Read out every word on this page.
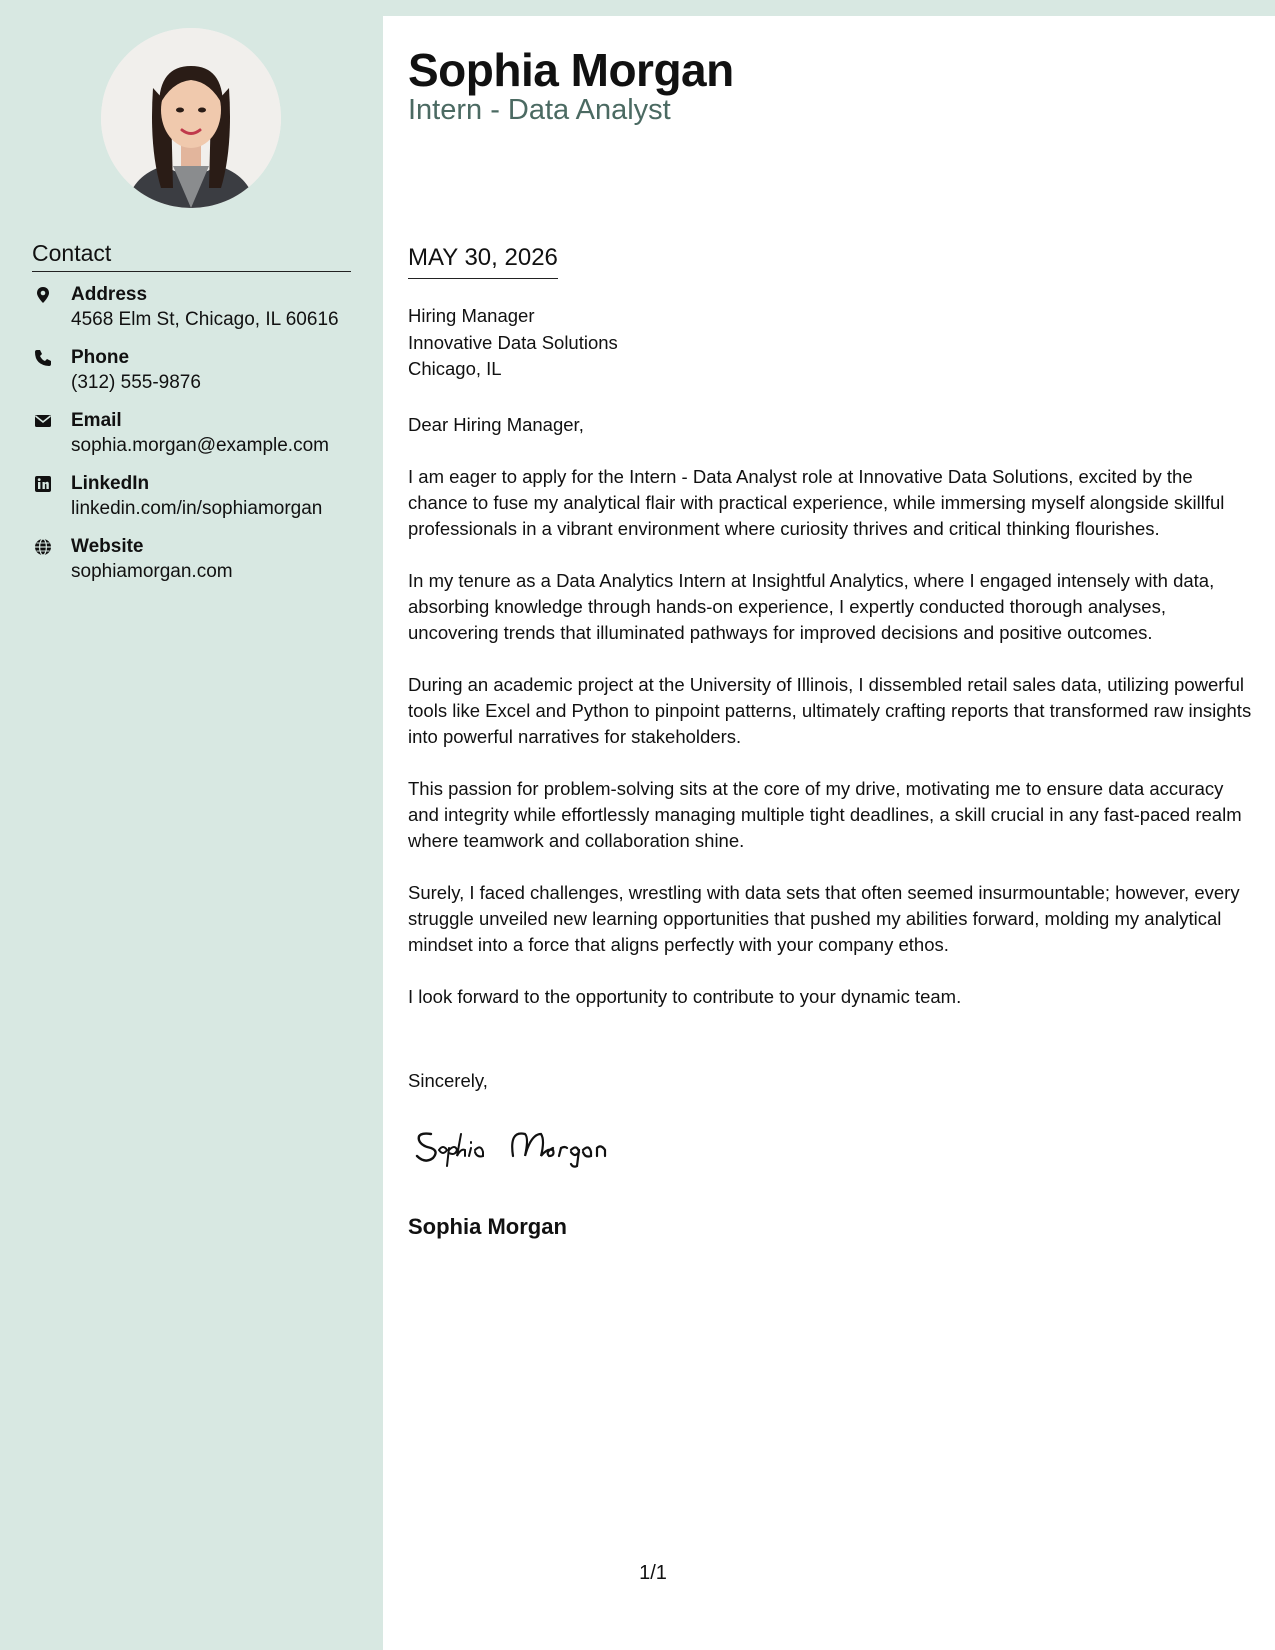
Contact
Address
4568 Elm St, Chicago, IL 60616
Phone
(312) 555-9876
Email
sophia.morgan@example.com
LinkedIn
linkedin.com/in/sophiamorgan
Website
sophiamorgan.com
Sophia Morgan
Intern - Data Analyst
MAY 30, 2026
Hiring Manager
Innovative Data Solutions
Chicago, IL

Dear Hiring Manager,

I am eager to apply for the Intern - Data Analyst role at Innovative Data Solutions, excited by the chance to fuse my analytical flair with practical experience, while immersing myself alongside skillful professionals in a vibrant environment where curiosity thrives and critical thinking flourishes.

In my tenure as a Data Analytics Intern at Insightful Analytics, where I engaged intensely with data, absorbing knowledge through hands-on experience, I expertly conducted thorough analyses, uncovering trends that illuminated pathways for improved decisions and positive outcomes.

During an academic project at the University of Illinois, I dissembled retail sales data, utilizing powerful tools like Excel and Python to pinpoint patterns, ultimately crafting reports that transformed raw insights into powerful narratives for stakeholders.

This passion for problem-solving sits at the core of my drive, motivating me to ensure data accuracy and integrity while effortlessly managing multiple tight deadlines, a skill crucial in any fast-paced realm where teamwork and collaboration shine.

Surely, I faced challenges, wrestling with data sets that often seemed insurmountable; however, every struggle unveiled new learning opportunities that pushed my abilities forward, molding my analytical mindset into a force that aligns perfectly with your company ethos.

I look forward to the opportunity to contribute to your dynamic team.

Sincerely,
Sophia Morgan
1/1
